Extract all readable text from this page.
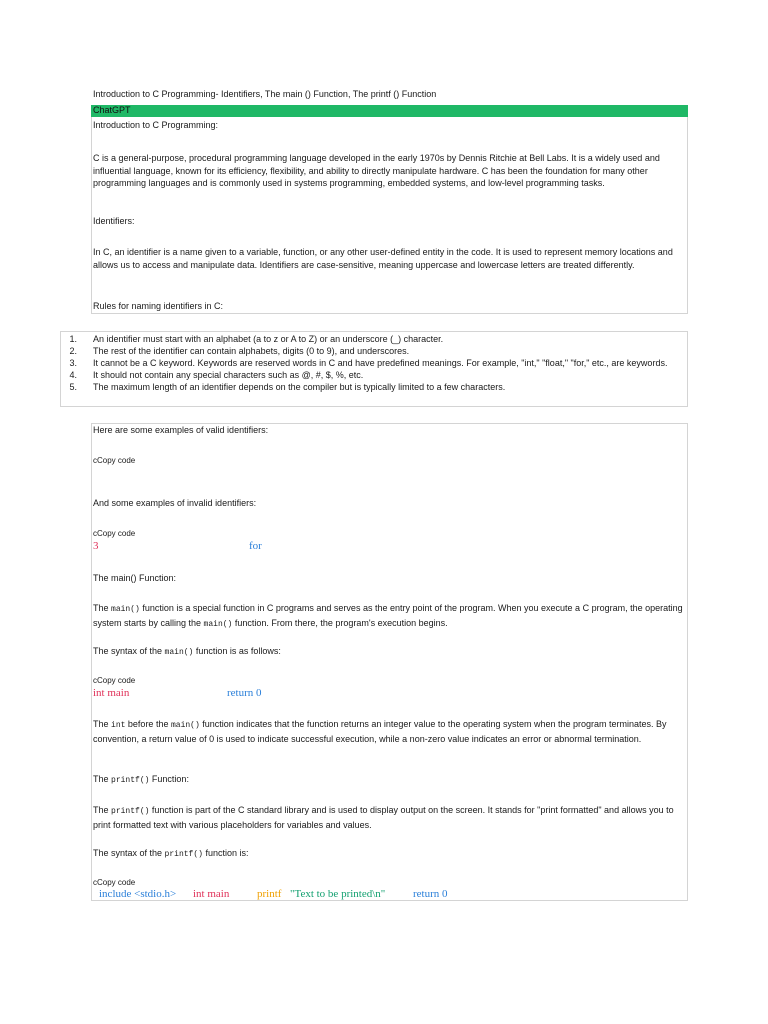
Introduction to C Programming- Identifiers, The main () Function, The printf () Function
ChatGPT
Introduction to C Programming:
C is a general-purpose, procedural programming language developed in the early 1970s by Dennis Ritchie at Bell Labs. It is a widely used and influential language, known for its efficiency, flexibility, and ability to directly manipulate hardware. C has been the foundation for many other programming languages and is commonly used in systems programming, embedded systems, and low-level programming tasks.
Identifiers:
In C, an identifier is a name given to a variable, function, or any other user-defined entity in the code. It is used to represent memory locations and allows us to access and manipulate data. Identifiers are case-sensitive, meaning uppercase and lowercase letters are treated differently.
Rules for naming identifiers in C:
1. An identifier must start with an alphabet (a to z or A to Z) or an underscore (_) character.
2. The rest of the identifier can contain alphabets, digits (0 to 9), and underscores.
3. It cannot be a C keyword. Keywords are reserved words in C and have predefined meanings. For example, "int," "float," "for," etc., are keywords.
4. It should not contain any special characters such as @, #, $, %, etc.
5. The maximum length of an identifier depends on the compiler but is typically limited to a few characters.
Here are some examples of valid identifiers:
cCopy code
And some examples of invalid identifiers:
cCopy code
3	for
The main() Function:
The main() function is a special function in C programs and serves as the entry point of the program. When you execute a C program, the operating system starts by calling the main() function. From there, the program's execution begins.
The syntax of the main() function is as follows:
cCopy code
int main	return 0
The int before the main() function indicates that the function returns an integer value to the operating system when the program terminates. By convention, a return value of 0 is used to indicate successful execution, while a non-zero value indicates an error or abnormal termination.
The printf() Function:
The printf() function is part of the C standard library and is used to display output on the screen. It stands for "print formatted" and allows you to print formatted text with various placeholders for variables and values.
The syntax of the printf() function is:
cCopy code
include <stdio.h> int main	printf "Text to be printed\n"	return 0
